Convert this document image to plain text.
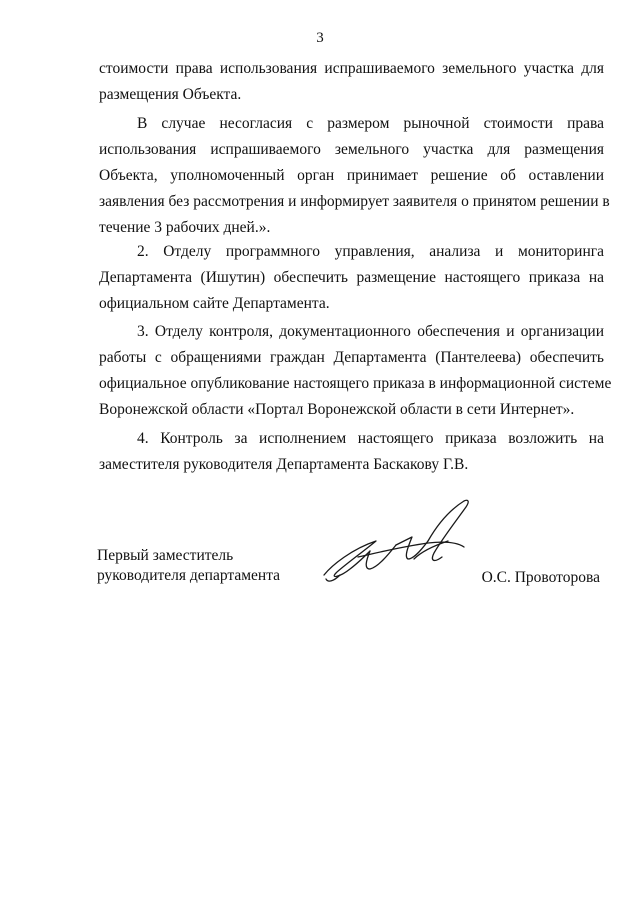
3
стоимости права использования испрашиваемого земельного участка для
размещения Объекта.
В случае несогласия с размером рыночной стоимости права
использования испрашиваемого земельного участка для размещения
Объекта, уполномоченный орган принимает решение об оставлении
заявления без рассмотрения и информирует заявителя о принятом решении в
течение 3 рабочих дней.».
2. Отделу программного управления, анализа и мониторинга
Департамента (Ишутин) обеспечить размещение настоящего приказа на
официальном сайте Департамента.
3. Отделу контроля, документационного обеспечения и организации
работы с обращениями граждан Департамента (Пантелеева) обеспечить
официальное опубликование настоящего приказа в информационной системе
Воронежской области «Портал Воронежской области в сети Интернет».
4. Контроль за исполнением настоящего приказа возложить на
заместителя руководителя Департамента Баскакову Г.В.
Первый заместитель
руководителя департамента	О.С. Провоторова
